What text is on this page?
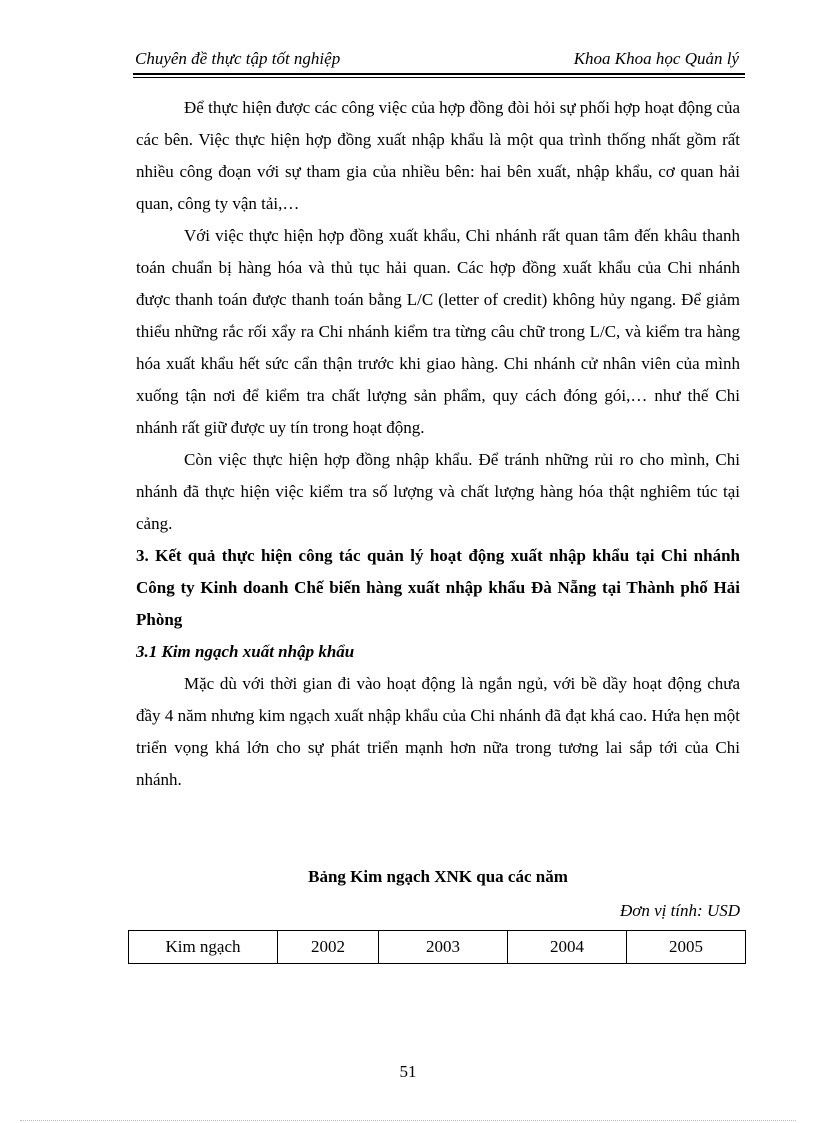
Chuyên đề thực tập tốt nghiệp	Khoa Khoa học Quản lý

Để thực hiện được các công việc của hợp đồng đòi hỏi sự phối hợp hoạt động của các bên. Việc thực hiện hợp đồng xuất nhập khẩu là một qua trình thống nhất gồm rất nhiều công đoạn với sự tham gia của nhiều bên: hai bên xuất, nhập khẩu, cơ quan hải quan, công ty vận tải,…

Với việc thực hiện hợp đồng xuất khẩu, Chi nhánh rất quan tâm đến khâu thanh toán chuẩn bị hàng hóa và thủ tục hải quan. Các hợp đồng xuất khẩu của Chi nhánh được thanh toán được thanh toán bằng L/C (letter of credit) không hủy ngang. Để giảm thiểu những rắc rối xẩy ra Chi nhánh kiểm tra từng câu chữ trong L/C, và kiểm tra hàng hóa xuất khẩu hết sức cẩn thận trước khi giao hàng. Chi nhánh cử nhân viên của mình xuống tận nơi để kiểm tra chất lượng sản phẩm, quy cách đóng gói,… như thế Chi nhánh rất giữ được uy tín trong hoạt động.

Còn việc thực hiện hợp đồng nhập khẩu. Để tránh những rủi ro cho mình, Chi nhánh đã thực hiện việc kiểm tra số lượng và chất lượng hàng hóa thật nghiêm túc tại cảng.

3. Kết quả thực hiện công tác quản lý hoạt động xuất nhập khẩu tại Chi nhánh Công ty Kinh doanh Chế biến hàng xuất nhập khẩu Đà Nẵng tại Thành phố Hải Phòng

3.1 Kim ngạch xuất nhập khẩu

Mặc dù với thời gian đi vào hoạt động là ngắn ngủ, với bề dầy hoạt động chưa đầy 4 năm nhưng kim ngạch xuất nhập khẩu của Chi nhánh đã đạt khá cao. Hứa hẹn một triển vọng khá lớn cho sự phát triển mạnh hơn nữa trong tương lai sắp tới của Chi nhánh.

Bảng Kim ngạch XNK qua các năm
Đơn vị tính: USD
Kim ngạch	2002	2003	2004	2005
51
